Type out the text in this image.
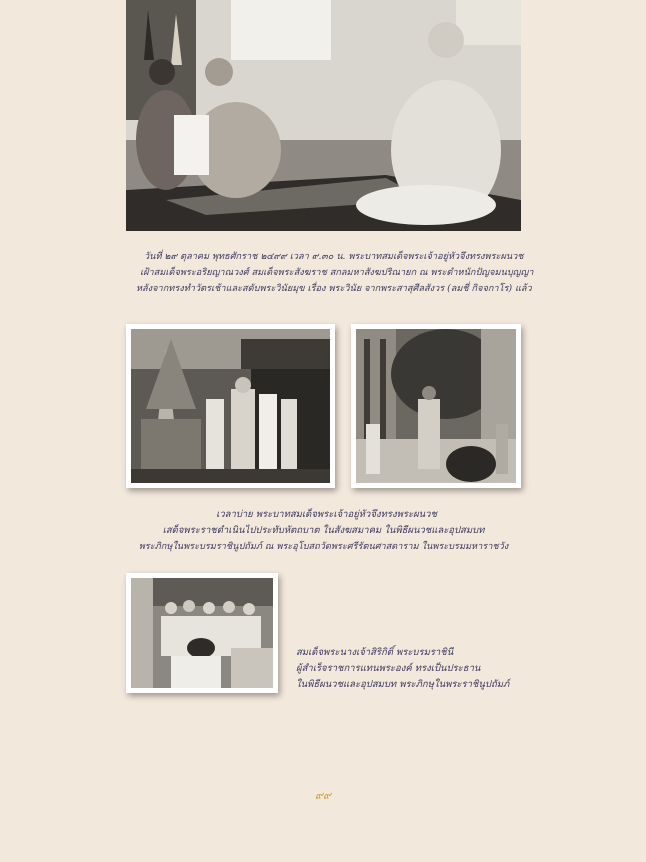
วันที่ ๒๙ ตุลาคม พุทธศักราช ๒๔๙๙ เวลา ๙.๓๐ น. พระบาทสมเด็จพระเจ้าอยู่หัวจึงทรงพระผนวช
เฝ้าสมเด็จพระอริยญาณวงศ์ สมเด็จพระสังฆราช สกลมหาสังฆปริณายก ณ พระตำหนักปัญจมนบุญญา
หลังจากทรงทำวัตรเช้าและสดับพระวินัยมุข เรื่อง พระวินัย จากพระสาสุศีลสังวร (ลมชี่ กิจจกาโร) แล้ว
เวลาบ่าย พระบาทสมเด็จพระเจ้าอยู่หัวจึงทรงพระผนวช
เสด็จพระราชดำเนินไปประทับหัตถบาต ในสังฆสมาคม ในพิธีผนวชและอุปสมบท
พระภิกษุในพระบรมราชินูปถัมภ์ ณ พระอุโบสถวัดพระศรีรัตนศาสดาราม ในพระบรมมหาราชวัง
สมเด็จพระนางเจ้าสิริกิติ์ พระบรมราชินี
ผู้สำเร็จราชการแทนพระองค์ ทรงเป็นประธาน
ในพิธีผนวชและอุปสมบท พระภิกษุในพระราชินูปถัมภ์
๙๙
